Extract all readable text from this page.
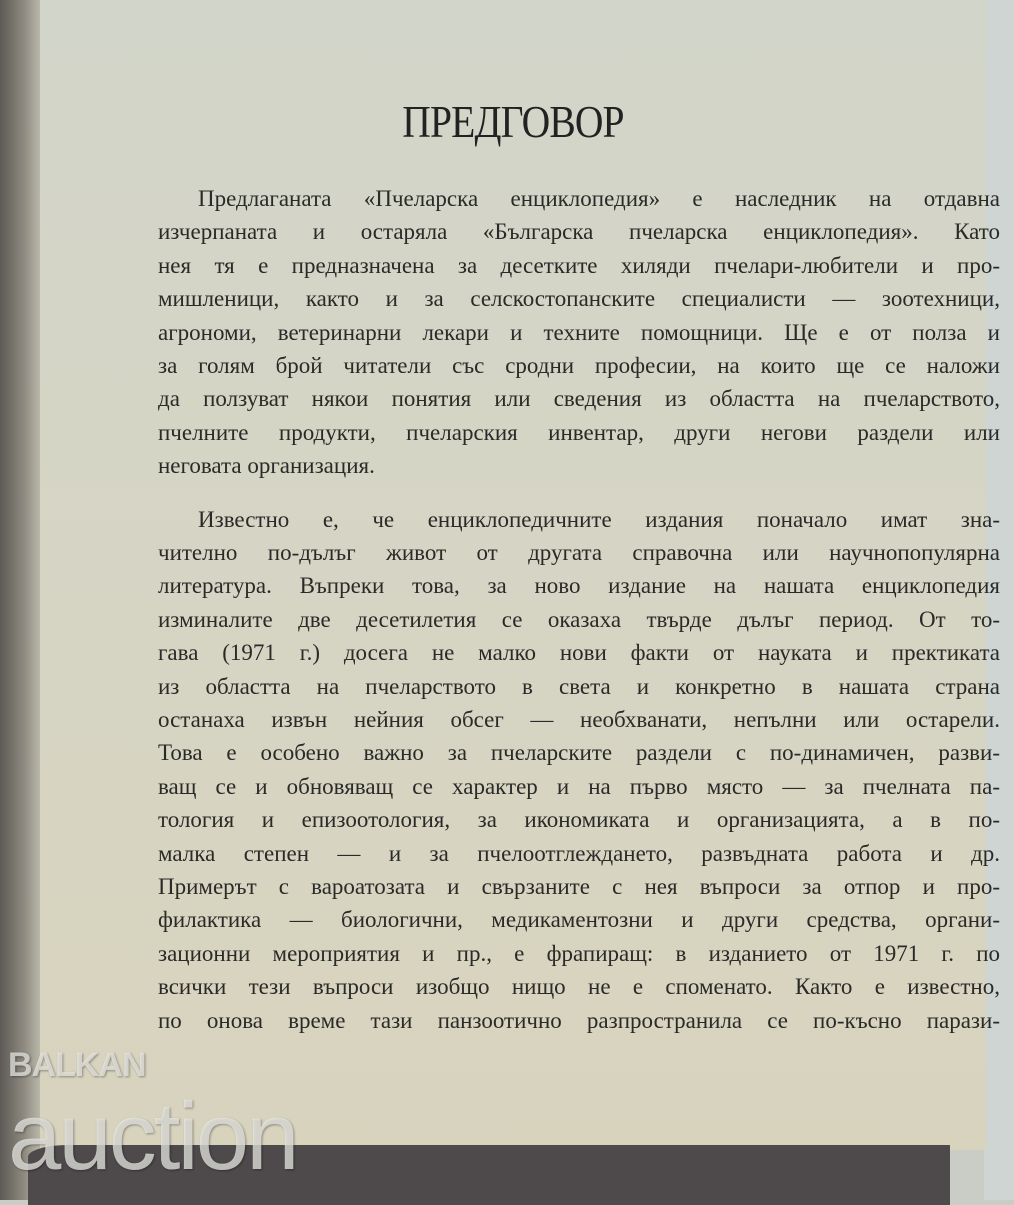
ПРЕДГОВОР
Предлаганата «Пчеларска енциклопедия» е наследник на отдавна
изчерпаната и остаряла «Българска пчеларска енциклопедия». Като
нея тя е предназначена за десетките хиляди пчелари-любители и про-
мишленици, както и за селскостопанските специалисти — зоотехници,
агрономи, ветеринарни лекари и техните помощници. Ще е от полза и
за голям брой читатели със сродни професии, на които ще се наложи
да ползуват някои понятия или сведения из областта на пчеларството,
пчелните продукти, пчеларския инвентар, други негови раздели или
неговата организация.
Известно е, че енциклопедичните издания поначало имат зна-
чително по-дълъг живот от другата справочна или научнопопулярна
литература. Въпреки това, за ново издание на нашата енциклопедия
изминалите две десетилетия се оказаха твърде дълъг период. От то-
гава (1971 г.) досега не малко нови факти от науката и пректиката
из областта на пчеларството в света и конкретно в нашата страна
останаха извън нейния обсег — необхванати, непълни или остарели.
Това е особено важно за пчеларските раздели с по-динамичен, разви-
ващ се и обновяващ се характер и на първо място — за пчелната па-
тология и епизоотология, за икономиката и организацията, а в по-
малка степен — и за пчелоотглеждането, развъдната работа и др.
Примерът с вароатозата и свързаните с нея въпроси за отпор и про-
филактика — биологични, медикаментозни и други средства, органи-
зационни мероприятия и пр., е фрапиращ: в изданието от 1971 г. по
всички тези въпроси изобщо нищо не е споменато. Както е известно,
по онова време тази панзоотично разпространила се по-късно парази-
BALKAN
auction
